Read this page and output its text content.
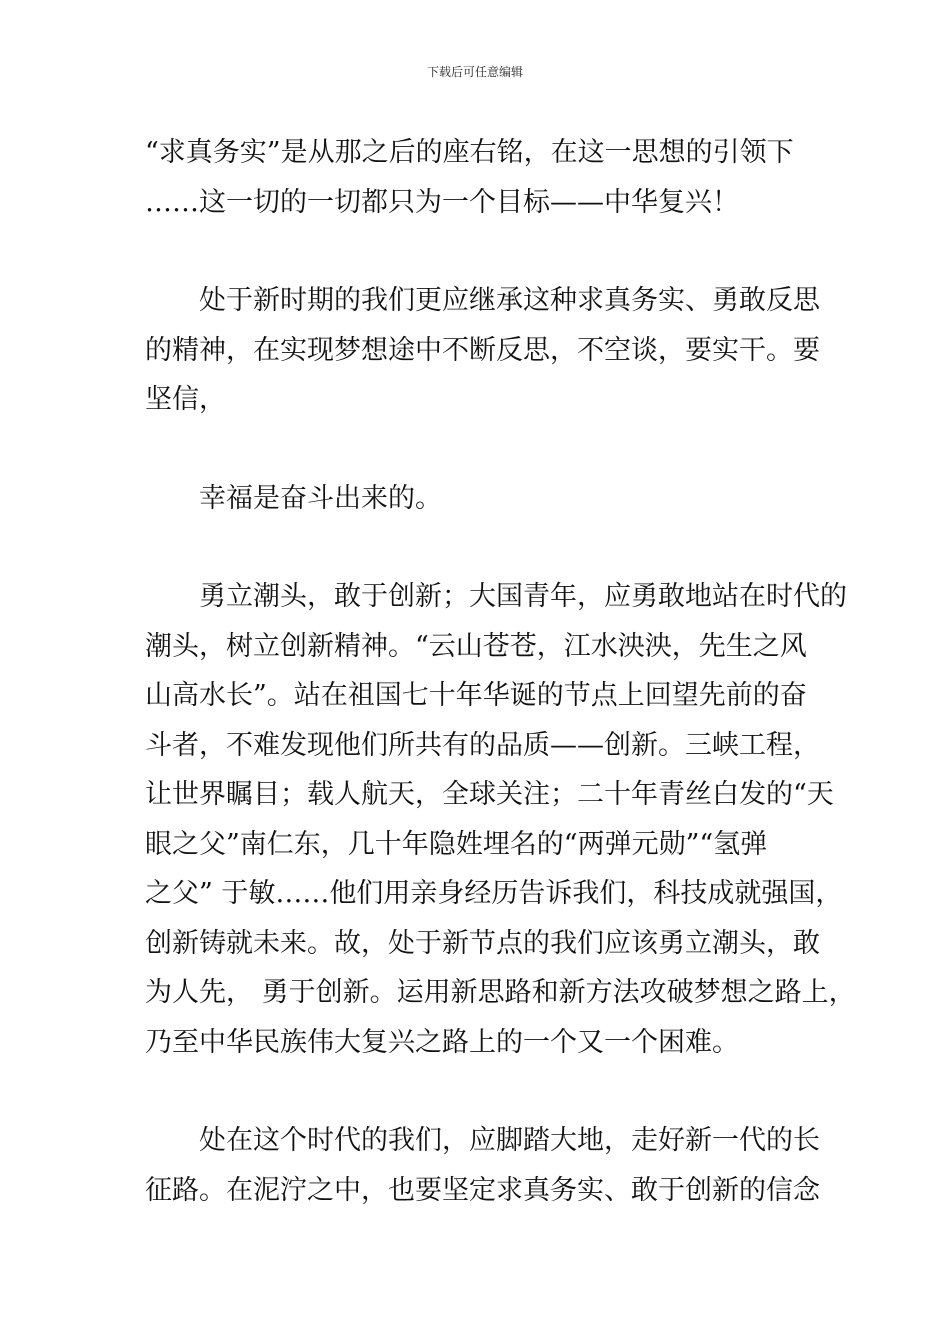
下载后可任意编辑
“求真务实”是从那之后的座右铭，在这一思想的引领下
……这一切的一切都只为一个目标——中华复兴！
处于新时期的我们更应继承这种求真务实、勇敢反思
的精神，在实现梦想途中不断反思，不空谈，要实干。要
坚信，
幸福是奋斗出来的。
勇立潮头，敢于创新；大国青年，应勇敢地站在时代的
潮头，树立创新精神。“云山苍苍，江水泱泱，先生之风
山高水长”。站在祖国七十年华诞的节点上回望先前的奋
斗者，不难发现他们所共有的品质——创新。三峡工程，
让世界瞩目；载人航天，全球关注；二十年青丝白发的“天
眼之父”南仁东，几十年隐姓埋名的“两弹元勋”“氢弹
之父” 于敏……他们用亲身经历告诉我们，科技成就强国，
创新铸就未来。故，处于新节点的我们应该勇立潮头，敢
为人先， 勇于创新。运用新思路和新方法攻破梦想之路上，
乃至中华民族伟大复兴之路上的一个又一个困难。
处在这个时代的我们，应脚踏大地，走好新一代的长
征路。在泥泞之中，也要坚定求真务实、敢于创新的信念
